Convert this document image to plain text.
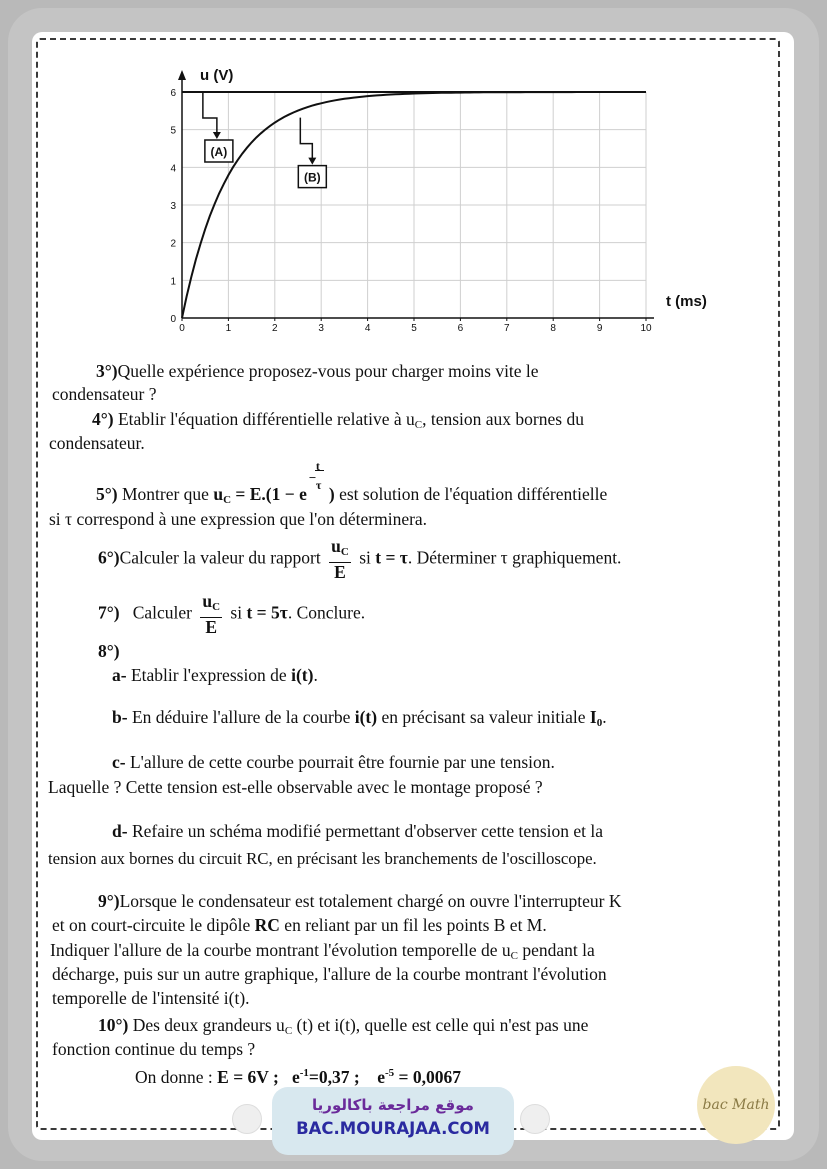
0	1	2	3	4	5	6	7	8	9	10
0
1
2
3
4
5
6
u (V)
t (ms)
(A)
(B)
3°)Quelle expérience proposez-vous pour charger moins vite le
condensateur ?
4°) Etablir l'équation différentielle relative à $u_C$, tension aux bornes du
condensateur.
5°) Montrer que $u_C = E.(1 - e$
−
t
τ ) est solution de l'équation différentielle
si τ correspond à une expression que l'on déterminera.
6°)Calculer la valeur du rapport $\frac{u_C}{E}$ si t = τ. Déterminer τ graphiquement.
7°) Calculer $\frac{u_C}{E}$ si t = 5τ. Conclure.
8°)
a- Etablir l'expression de i(t).
b- En déduire l'allure de la courbe i(t) en précisant sa valeur initiale $I_0$.
c- L'allure de cette courbe pourrait être fournie par une tension.
Laquelle ? Cette tension est-elle observable avec le montage proposé ?
d- Refaire un schéma modifié permettant d'observer cette tension et la
tension aux bornes du circuit RC, en précisant les branchements de l'oscilloscope.
9°)Lorsque le condensateur est totalement chargé on ouvre l'interrupteur K
et on court-circuite le dipôle RC en reliant par un fil les points B et M.
Indiquer l'allure de la courbe montrant l'évolution temporelle de $u_C$ pendant la
décharge, puis sur un autre graphique, l'allure de la courbe montrant l'évolution
temporelle de l'intensité i(t).
10°) Des deux grandeurs $u_C$ (t) et i(t), quelle est celle qui n'est pas une
fonction continue du temps ?
On donne : E = 6V ; $e^{-1}=0,37$ ;    $e^{-5} = 0,0067$
موقع مراجعة باكالوريا
BAC.MOURAJAA.COM
bac Math
